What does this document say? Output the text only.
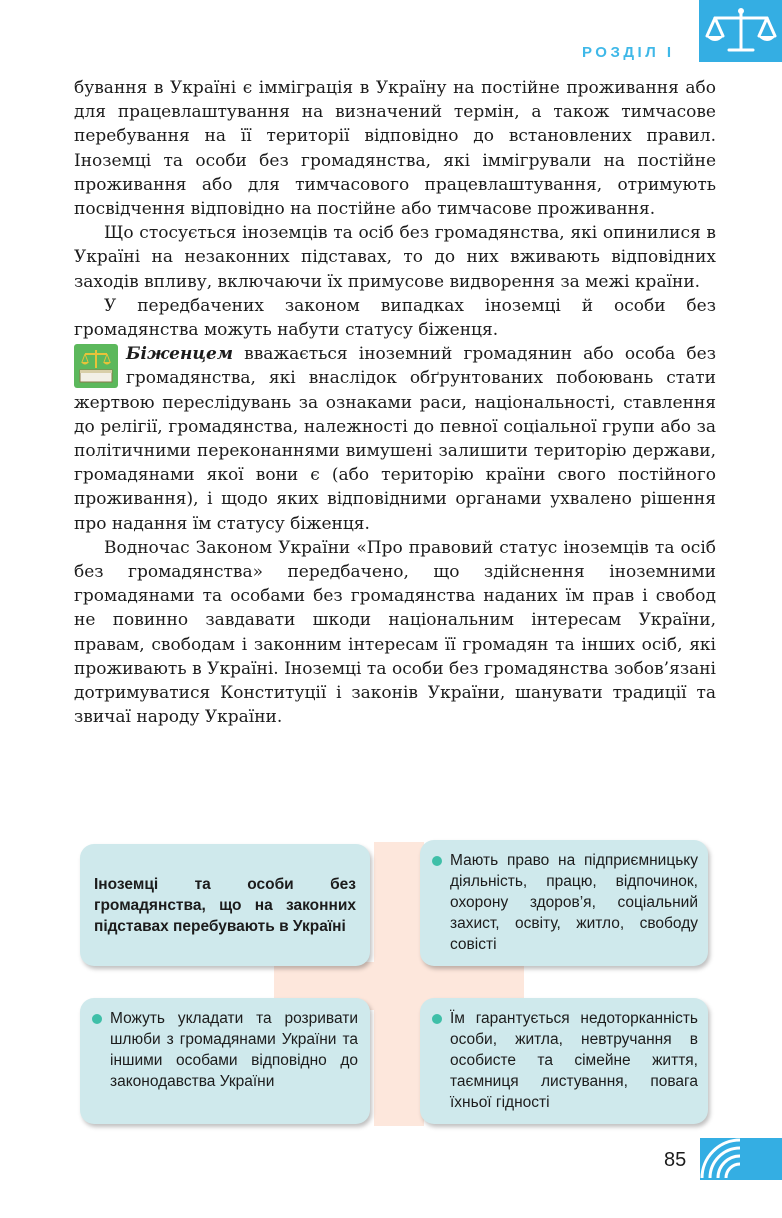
РОЗДІЛ І

бування в Україні є імміграція в Україну на постійне проживання або для працевлаштування на визначений термін, а також тимчасове перебування на її території відповідно до встановлених правил. Іноземці та особи без громадянства, які іммігрували на постійне проживання або для тимчасового працевлаштування, отримують посвідчення відповідно на постійне або тимчасове проживання.

Що стосується іноземців та осіб без громадянства, які опинилися в Україні на незаконних підставах, то до них вживають відповідних заходів впливу, включаючи їх примусове видворення за межі країни.

У передбачених законом випадках іноземці й особи без громадянства можуть набути статусу біженця.

Біженцем вважається іноземний громадянин або особа без громадянства, які внаслідок обґрунтованих побоювань стати жертвою переслідувань за ознаками раси, національності, ставлення до релігії, громадянства, належності до певної соціальної групи або за політичними переконаннями вимушені залишити територію держави, громадянами якої вони є (або територію країни свого постійного проживання), і щодо яких відповідними органами ухвалено рішення про надання їм статусу біженця.

Водночас Законом України «Про правовий статус іноземців та осіб без громадянства» передбачено, що здійснення іноземними громадянами та особами без громадянства наданих їм прав і свобод не повинно завдавати шкоди національним інтересам України, правам, свободам і законним інтересам її громадян та інших осіб, які проживають в Україні. Іноземці та особи без громадянства зобов’язані дотримуватися Конституції і законів України, шанувати традиції та звичаї народу України.

Іноземці та особи без громадянства, що на законних підставах перебувають в Україні

Мають право на підприємницьку діяльність, працю, відпочинок, охорону здоров’я, соціальний захист, освіту, житло, свободу совісті

Можуть укладати та розривати шлюби з громадянами України та іншими особами відповідно до законодавства України

Їм гарантується недоторканність особи, житла, невтручання в особисте та сімейне життя, таємниця листування, повага їхньої гідності

85
